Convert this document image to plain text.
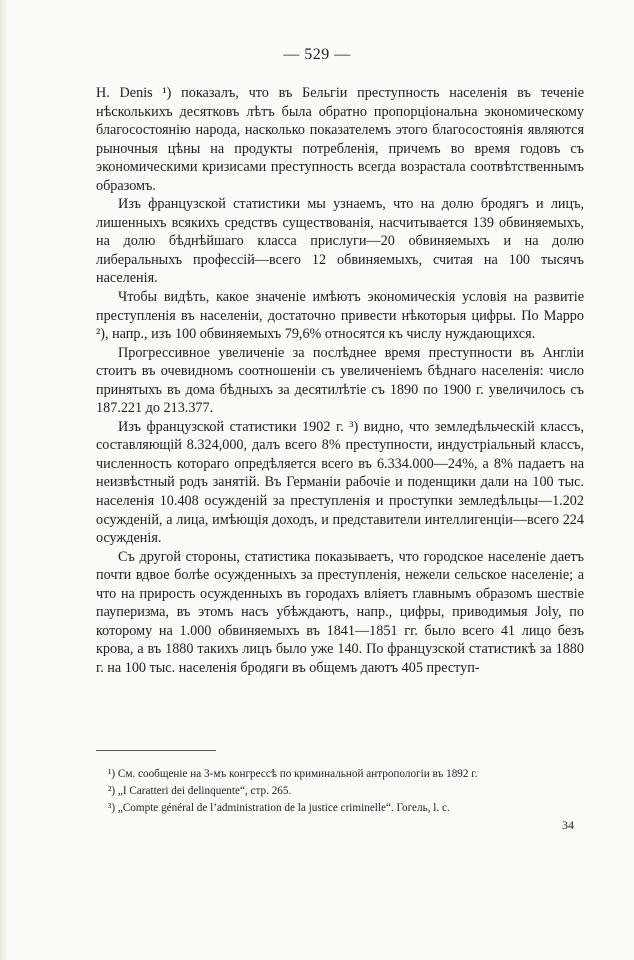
— 529 —

Н. Denis ¹) показалъ, что въ Бельгіи преступность населенія въ теченіе нѣсколькихъ десятковъ лѣтъ была обратно пропорціональна экономическому благосостоянію народа, насколько показателемъ этого благосостоянія являются рыночныя цѣны на продукты потребленія, причемъ во время годовъ съ экономическими кризисами преступность всегда возрастала соотвѣтственнымъ образомъ.

Изъ французской статистики мы узнаемъ, что на долю бродягъ и лицъ, лишенныхъ всякихъ средствъ существованія, насчитывается 139 обвиняемыхъ, на долю бѣднѣйшаго класса прислуги—20 обвиняемыхъ и на долю либеральныхъ профессій—всего 12 обвиняемыхъ, считая на 100 тысячъ населенія.

Чтобы видѣть, какое значеніе имѣютъ экономическія условія на развитіе преступленія въ населеніи, достаточно привести нѣкоторыя цифры. По Марро ²), напр., изъ 100 обвиняемыхъ 79,6% относятся къ числу нуждающихся.

Прогрессивное увеличеніе за послѣднее время преступности въ Англіи стоитъ въ очевидномъ соотношеніи съ увеличеніемъ бѣднаго населенія: число принятыхъ въ дома бѣдныхъ за десятилѣтіе съ 1890 по 1900 г. увеличилось съ 187.221 до 213.377.

Изъ французской статистики 1902 г. ³) видно, что земледѣльческій классъ, составляющій 8.324,000, далъ всего 8% преступности, индустріальный классъ, численность котораго опредѣляется всего въ 6.334.000—24%, а 8% падаетъ на неизвѣстный родъ занятій. Въ Германіи рабочіе и поденщики дали на 100 тыс. населенія 10.408 осужденій за преступленія и проступки земледѣльцы—1.202 осужденій, а лица, имѣющія доходъ, и представители интеллигенціи—всего 224 осужденія.

Съ другой стороны, статистика показываетъ, что городское населеніе даетъ почти вдвое болѣе осужденныхъ за преступленія, нежели сельское населеніе; а что на прирость осужденныхъ въ городахъ вліяетъ главнымъ образомъ шествіе пауперизма, въ этомъ насъ убѣждаютъ, напр., цифры, приводимыя Joly, по которому на 1.000 обвиняемыхъ въ 1841—1851 гг. было всего 41 лицо безъ крова, а въ 1880 такихъ лицъ было уже 140. По французской статистикѣ за 1880 г. на 100 тыс. населенія бродяги въ общемъ даютъ 405 преступ-

¹) См. сообщеніе на 3-мъ конгрессѣ по криминальной антропологіи въ 1892 г.
²) „I Caratteri dei delinquente“, стр. 265.
³) „Compte général de l’administration de la justice criminelle“. Гогель, l. c.
34
